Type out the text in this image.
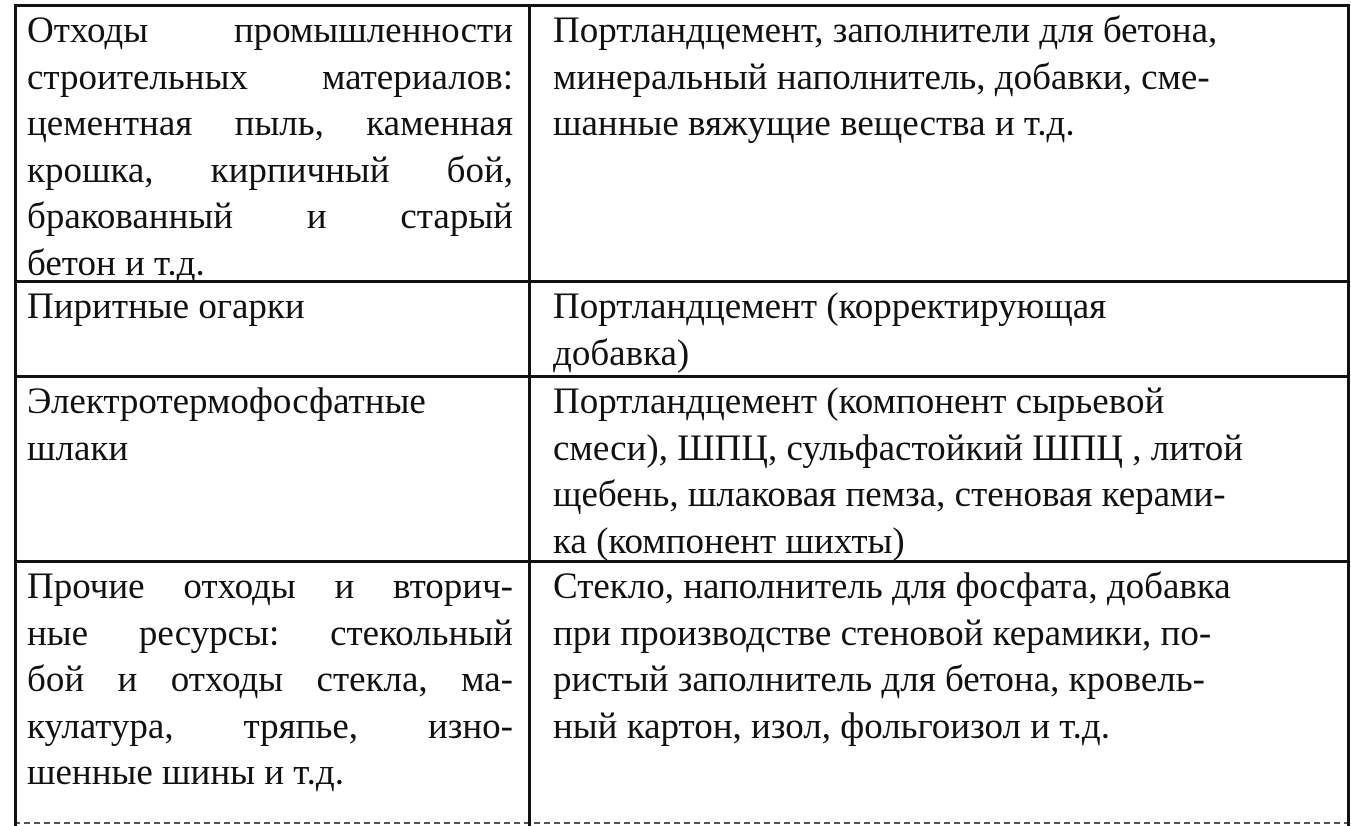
Отходы промышленности
строительных материалов:
цементная пыль, каменная
крошка, кирпичный бой,
бракованный и старый
бетон и т.д.
Портландцемент, заполнители для бетона,
минеральный наполнитель, добавки, сме-
шанные вяжущие вещества и т.д.
Пиритные огарки	Портландцемент (корректирующая
добавка)
Электротермофосфатные
шлаки
Портландцемент (компонент сырьевой
смеси), ШПЦ, сульфастойкий ШПЦ , литой
щебень, шлаковая пемза, стеновая керами-
ка (компонент шихты)
Прочие отходы и вторич-
ные ресурсы: стекольный
бой и отходы стекла, ма-
кулатура, тряпье, изно-
шенные шины и т.д.
Стекло, наполнитель для фосфата, добавка
при производстве стеновой керамики, по-
ристый заполнитель для бетона, кровель-
ный картон, изол, фольгоизол и т.д.
